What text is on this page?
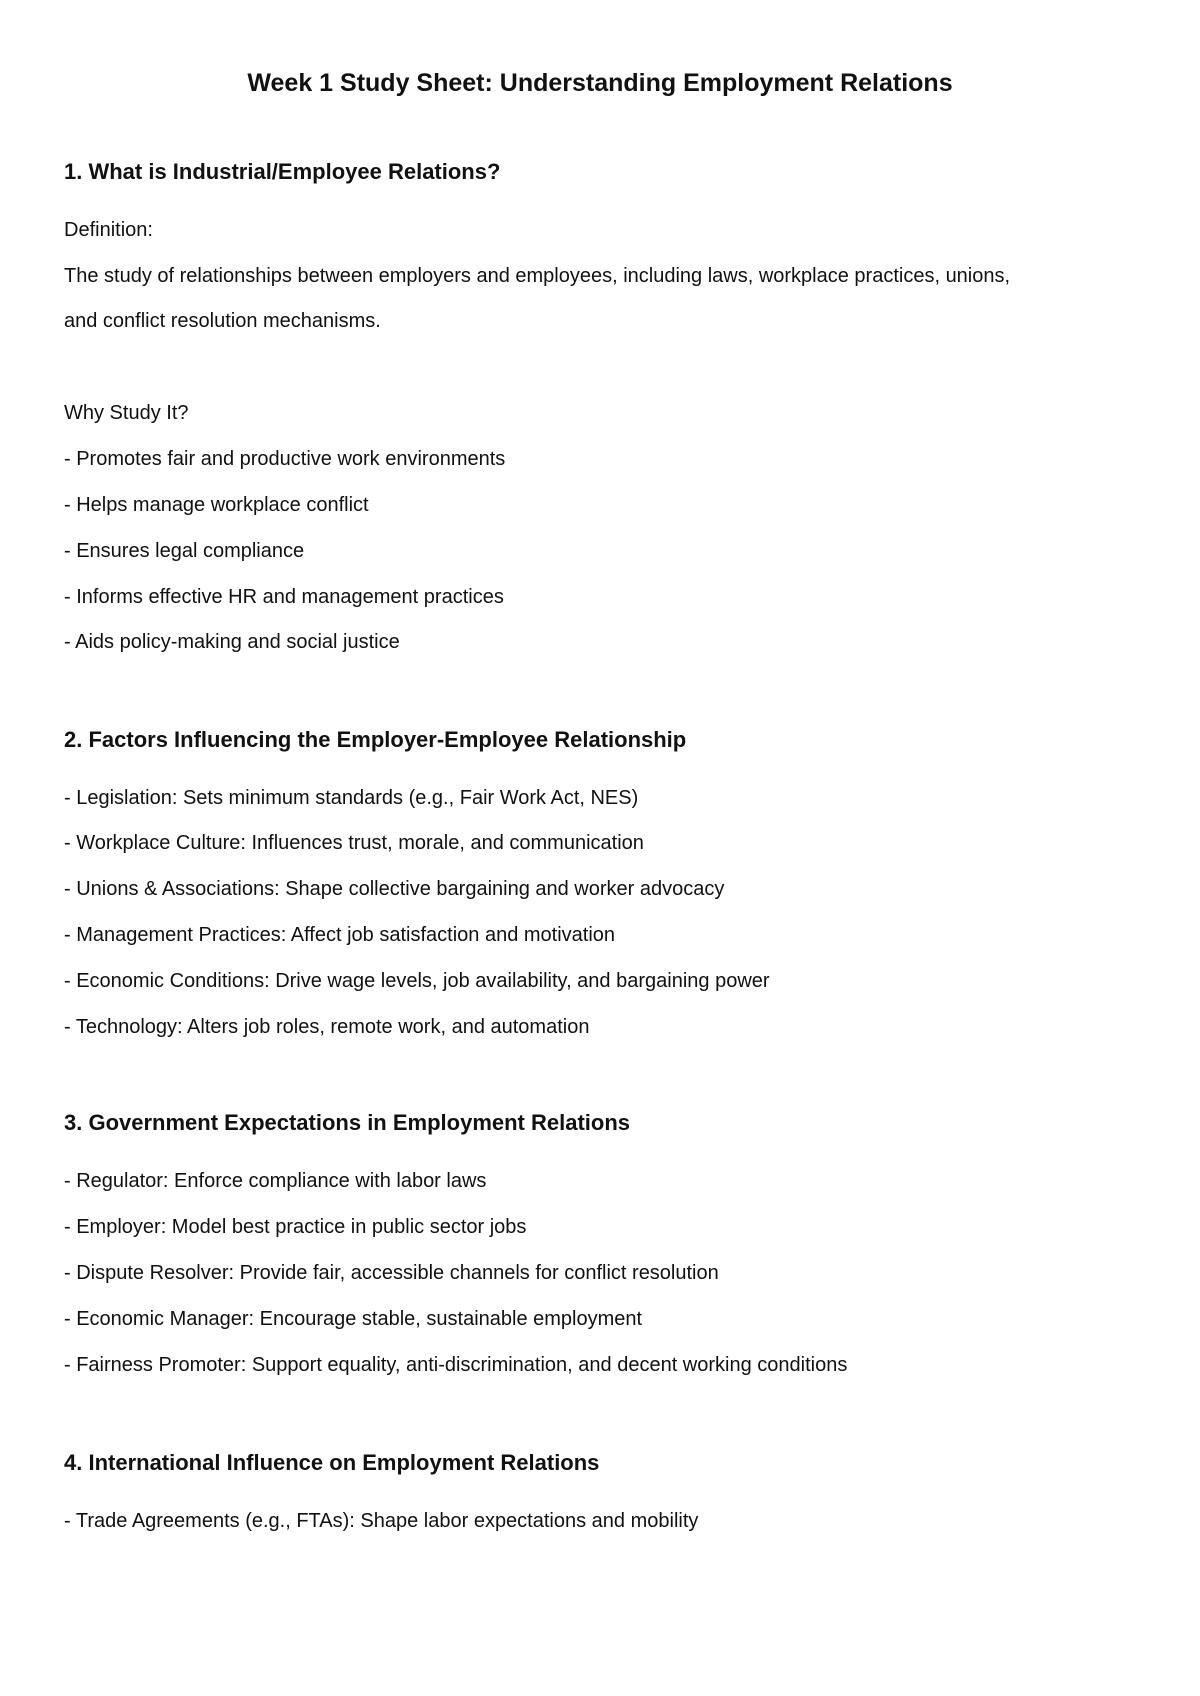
Week 1 Study Sheet: Understanding Employment Relations
1. What is Industrial/Employee Relations?

Definition:

The study of relationships between employers and employees, including laws, workplace practices, unions,

and conflict resolution mechanisms.

Why Study It?

- Promotes fair and productive work environments

- Helps manage workplace conflict

- Ensures legal compliance

- Informs effective HR and management practices

- Aids policy-making and social justice

2. Factors Influencing the Employer-Employee Relationship

- Legislation: Sets minimum standards (e.g., Fair Work Act, NES)

- Workplace Culture: Influences trust, morale, and communication

- Unions & Associations: Shape collective bargaining and worker advocacy

- Management Practices: Affect job satisfaction and motivation

- Economic Conditions: Drive wage levels, job availability, and bargaining power

- Technology: Alters job roles, remote work, and automation

3. Government Expectations in Employment Relations

- Regulator: Enforce compliance with labor laws

- Employer: Model best practice in public sector jobs

- Dispute Resolver: Provide fair, accessible channels for conflict resolution

- Economic Manager: Encourage stable, sustainable employment

- Fairness Promoter: Support equality, anti-discrimination, and decent working conditions

4. International Influence on Employment Relations

- Trade Agreements (e.g., FTAs): Shape labor expectations and mobility
